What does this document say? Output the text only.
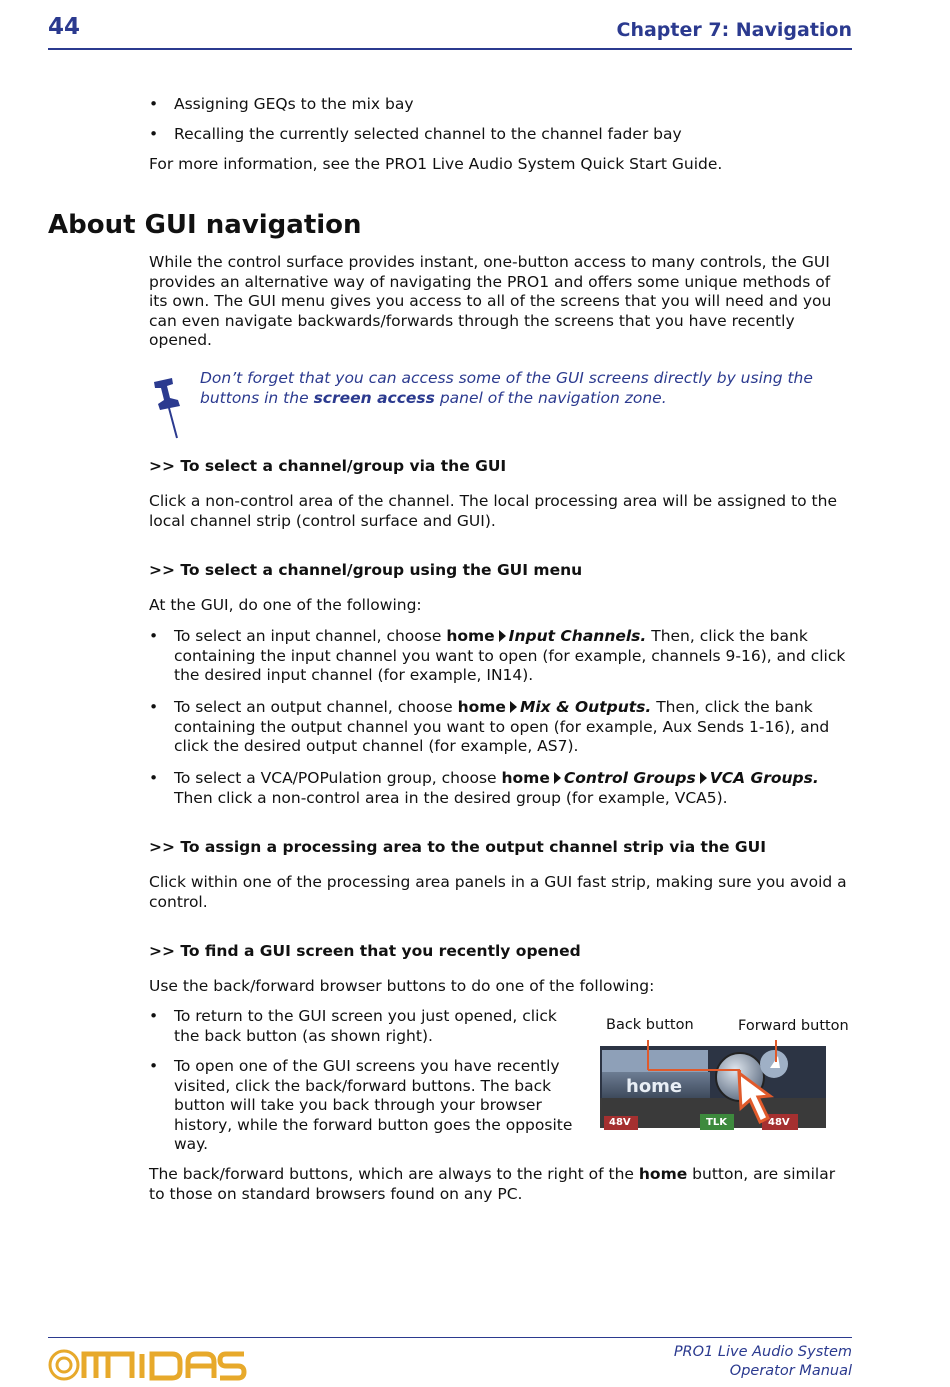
44	Chapter 7: Navigation
• Assigning GEQs to the mix bay
• Recalling the currently selected channel to the channel fader bay
For more information, see the PRO1 Live Audio System Quick Start Guide.
About GUI navigation
While the control surface provides instant, one-button access to many controls, the GUI provides an alternative way of navigating the PRO1 and offers some unique methods of its own. The GUI menu gives you access to all of the screens that you will need and you can even navigate backwards/forwards through the screens that you have recently opened.
Don’t forget that you can access some of the GUI screens directly by using the buttons in the screen access panel of the navigation zone.
>> To select a channel/group via the GUI
Click a non-control area of the channel. The local processing area will be assigned to the local channel strip (control surface and GUI).
>> To select a channel/group using the GUI menu
At the GUI, do one of the following:
• To select an input channel, choose home Input Channels. Then, click the bank containing the input channel you want to open (for example, channels 9-16), and click the desired input channel (for example, IN14).
• To select an output channel, choose home Mix & Outputs. Then, click the bank containing the output channel you want to open (for example, Aux Sends 1-16), and click the desired output channel (for example, AS7).
• To select a VCA/POPulation group, choose home Control Groups VCA Groups. Then click a non-control area in the desired group (for example, VCA5).
>> To assign a processing area to the output channel strip via the GUI
Click within one of the processing area panels in a GUI fast strip, making sure you avoid a control.
>> To find a GUI screen that you recently opened
Use the back/forward browser buttons to do one of the following:
• To return to the GUI screen you just opened, click the back button (as shown right).
• To open one of the GUI screens you have recently visited, click the back/forward buttons. The back button will take you back through your browser history, while the forward button goes the opposite way.
Back button	Forward button
home
48V	TLK	48V
The back/forward buttons, which are always to the right of the home button, are similar to those on standard browsers found on any PC.
PRO1 Live Audio System
Operator Manual
